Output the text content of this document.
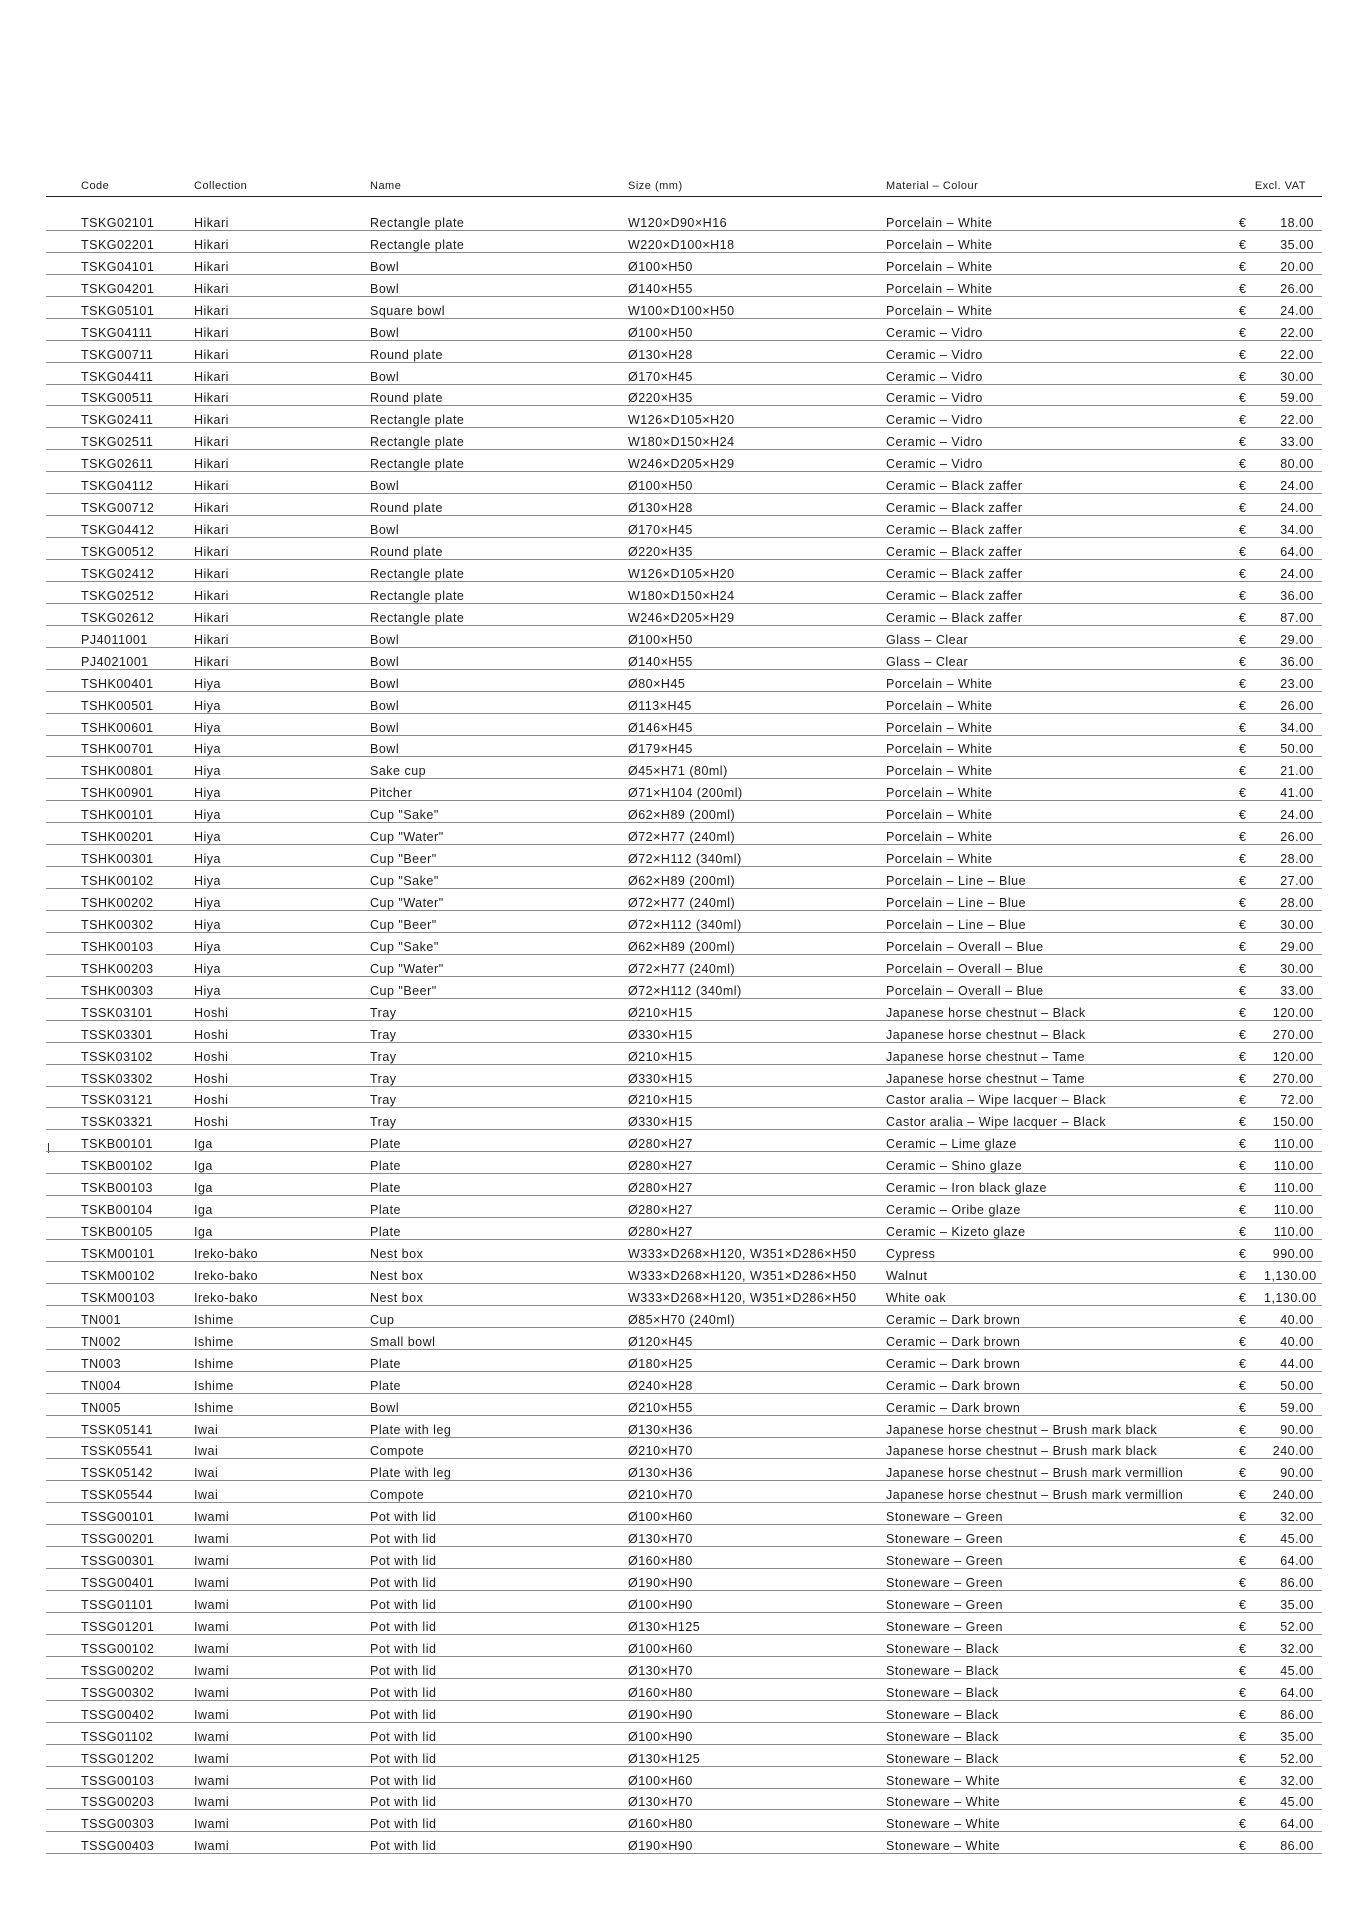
Code	Collection	Name	Size (mm)	Material – Colour	Excl. VAT	

TSKG02101	Hikari	Rectangle plate	W120×D90×H16	Porcelain – White	€	18.00
TSKG02201	Hikari	Rectangle plate	W220×D100×H18	Porcelain – White	€	35.00
TSKG04101	Hikari	Bowl	Ø100×H50	Porcelain – White	€	20.00
TSKG04201	Hikari	Bowl	Ø140×H55	Porcelain – White	€	26.00
TSKG05101	Hikari	Square bowl	W100×D100×H50	Porcelain – White	€	24.00
TSKG04111	Hikari	Bowl	Ø100×H50	Ceramic – Vidro	€	22.00
TSKG00711	Hikari	Round plate	Ø130×H28	Ceramic – Vidro	€	22.00
TSKG04411	Hikari	Bowl	Ø170×H45	Ceramic – Vidro	€	30.00
TSKG00511	Hikari	Round plate	Ø220×H35	Ceramic – Vidro	€	59.00
TSKG02411	Hikari	Rectangle plate	W126×D105×H20	Ceramic – Vidro	€	22.00
TSKG02511	Hikari	Rectangle plate	W180×D150×H24	Ceramic – Vidro	€	33.00
TSKG02611	Hikari	Rectangle plate	W246×D205×H29	Ceramic – Vidro	€	80.00
TSKG04112	Hikari	Bowl	Ø100×H50	Ceramic – Black zaffer	€	24.00
TSKG00712	Hikari	Round plate	Ø130×H28	Ceramic – Black zaffer	€	24.00
TSKG04412	Hikari	Bowl	Ø170×H45	Ceramic – Black zaffer	€	34.00
TSKG00512	Hikari	Round plate	Ø220×H35	Ceramic – Black zaffer	€	64.00
TSKG02412	Hikari	Rectangle plate	W126×D105×H20	Ceramic – Black zaffer	€	24.00
TSKG02512	Hikari	Rectangle plate	W180×D150×H24	Ceramic – Black zaffer	€	36.00
TSKG02612	Hikari	Rectangle plate	W246×D205×H29	Ceramic – Black zaffer	€	87.00
PJ4011001	Hikari	Bowl	Ø100×H50	Glass – Clear	€	29.00
PJ4021001	Hikari	Bowl	Ø140×H55	Glass – Clear	€	36.00
TSHK00401	Hiya	Bowl	Ø80×H45	Porcelain – White	€	23.00
TSHK00501	Hiya	Bowl	Ø113×H45	Porcelain – White	€	26.00
TSHK00601	Hiya	Bowl	Ø146×H45	Porcelain – White	€	34.00
TSHK00701	Hiya	Bowl	Ø179×H45	Porcelain – White	€	50.00
TSHK00801	Hiya	Sake cup	Ø45×H71 (80ml)	Porcelain – White	€	21.00
TSHK00901	Hiya	Pitcher	Ø71×H104 (200ml)	Porcelain – White	€	41.00
TSHK00101	Hiya	Cup "Sake"	Ø62×H89 (200ml)	Porcelain – White	€	24.00
TSHK00201	Hiya	Cup "Water"	Ø72×H77 (240ml)	Porcelain – White	€	26.00
TSHK00301	Hiya	Cup "Beer"	Ø72×H112 (340ml)	Porcelain – White	€	28.00
TSHK00102	Hiya	Cup "Sake"	Ø62×H89 (200ml)	Porcelain – Line – Blue	€	27.00
TSHK00202	Hiya	Cup "Water"	Ø72×H77 (240ml)	Porcelain – Line – Blue	€	28.00
TSHK00302	Hiya	Cup "Beer"	Ø72×H112 (340ml)	Porcelain – Line – Blue	€	30.00
TSHK00103	Hiya	Cup "Sake"	Ø62×H89 (200ml)	Porcelain – Overall – Blue	€	29.00
TSHK00203	Hiya	Cup "Water"	Ø72×H77 (240ml)	Porcelain – Overall – Blue	€	30.00
TSHK00303	Hiya	Cup "Beer"	Ø72×H112 (340ml)	Porcelain – Overall – Blue	€	33.00
TSSK03101	Hoshi	Tray	Ø210×H15	Japanese horse chestnut – Black	€	120.00
TSSK03301	Hoshi	Tray	Ø330×H15	Japanese horse chestnut – Black	€	270.00
TSSK03102	Hoshi	Tray	Ø210×H15	Japanese horse chestnut – Tame	€	120.00
TSSK03302	Hoshi	Tray	Ø330×H15	Japanese horse chestnut – Tame	€	270.00
TSSK03121	Hoshi	Tray	Ø210×H15	Castor aralia – Wipe lacquer – Black	€	72.00
TSSK03321	Hoshi	Tray	Ø330×H15	Castor aralia – Wipe lacquer – Black	€	150.00
TSKB00101	Iga	Plate	Ø280×H27	Ceramic – Lime glaze	€	110.00
TSKB00102	Iga	Plate	Ø280×H27	Ceramic – Shino glaze	€	110.00
TSKB00103	Iga	Plate	Ø280×H27	Ceramic – Iron black glaze	€	110.00
TSKB00104	Iga	Plate	Ø280×H27	Ceramic – Oribe glaze	€	110.00
TSKB00105	Iga	Plate	Ø280×H27	Ceramic – Kizeto glaze	€	110.00
TSKM00101	Ireko-bako	Nest box	W333×D268×H120, W351×D286×H50	Cypress	€	990.00
TSKM00102	Ireko-bako	Nest box	W333×D268×H120, W351×D286×H50	Walnut	€	1,130.00
TSKM00103	Ireko-bako	Nest box	W333×D268×H120, W351×D286×H50	White oak	€	1,130.00
TN001	Ishime	Cup	Ø85×H70 (240ml)	Ceramic – Dark brown	€	40.00
TN002	Ishime	Small bowl	Ø120×H45	Ceramic – Dark brown	€	40.00
TN003	Ishime	Plate	Ø180×H25	Ceramic – Dark brown	€	44.00
TN004	Ishime	Plate	Ø240×H28	Ceramic – Dark brown	€	50.00
TN005	Ishime	Bowl	Ø210×H55	Ceramic – Dark brown	€	59.00
TSSK05141	Iwai	Plate with leg	Ø130×H36	Japanese horse chestnut – Brush mark black	€	90.00
TSSK05541	Iwai	Compote	Ø210×H70	Japanese horse chestnut – Brush mark black	€	240.00
TSSK05142	Iwai	Plate with leg	Ø130×H36	Japanese horse chestnut – Brush mark vermillion	€	90.00
TSSK05544	Iwai	Compote	Ø210×H70	Japanese horse chestnut – Brush mark vermillion	€	240.00
TSSG00101	Iwami	Pot with lid	Ø100×H60	Stoneware – Green	€	32.00
TSSG00201	Iwami	Pot with lid	Ø130×H70	Stoneware – Green	€	45.00
TSSG00301	Iwami	Pot with lid	Ø160×H80	Stoneware – Green	€	64.00
TSSG00401	Iwami	Pot with lid	Ø190×H90	Stoneware – Green	€	86.00
TSSG01101	Iwami	Pot with lid	Ø100×H90	Stoneware – Green	€	35.00
TSSG01201	Iwami	Pot with lid	Ø130×H125	Stoneware – Green	€	52.00
TSSG00102	Iwami	Pot with lid	Ø100×H60	Stoneware – Black	€	32.00
TSSG00202	Iwami	Pot with lid	Ø130×H70	Stoneware – Black	€	45.00
TSSG00302	Iwami	Pot with lid	Ø160×H80	Stoneware – Black	€	64.00
TSSG00402	Iwami	Pot with lid	Ø190×H90	Stoneware – Black	€	86.00
TSSG01102	Iwami	Pot with lid	Ø100×H90	Stoneware – Black	€	35.00
TSSG01202	Iwami	Pot with lid	Ø130×H125	Stoneware – Black	€	52.00
TSSG00103	Iwami	Pot with lid	Ø100×H60	Stoneware – White	€	32.00
TSSG00203	Iwami	Pot with lid	Ø130×H70	Stoneware – White	€	45.00
TSSG00303	Iwami	Pot with lid	Ø160×H80	Stoneware – White	€	64.00
TSSG00403	Iwami	Pot with lid	Ø190×H90	Stoneware – White	€	86.00
